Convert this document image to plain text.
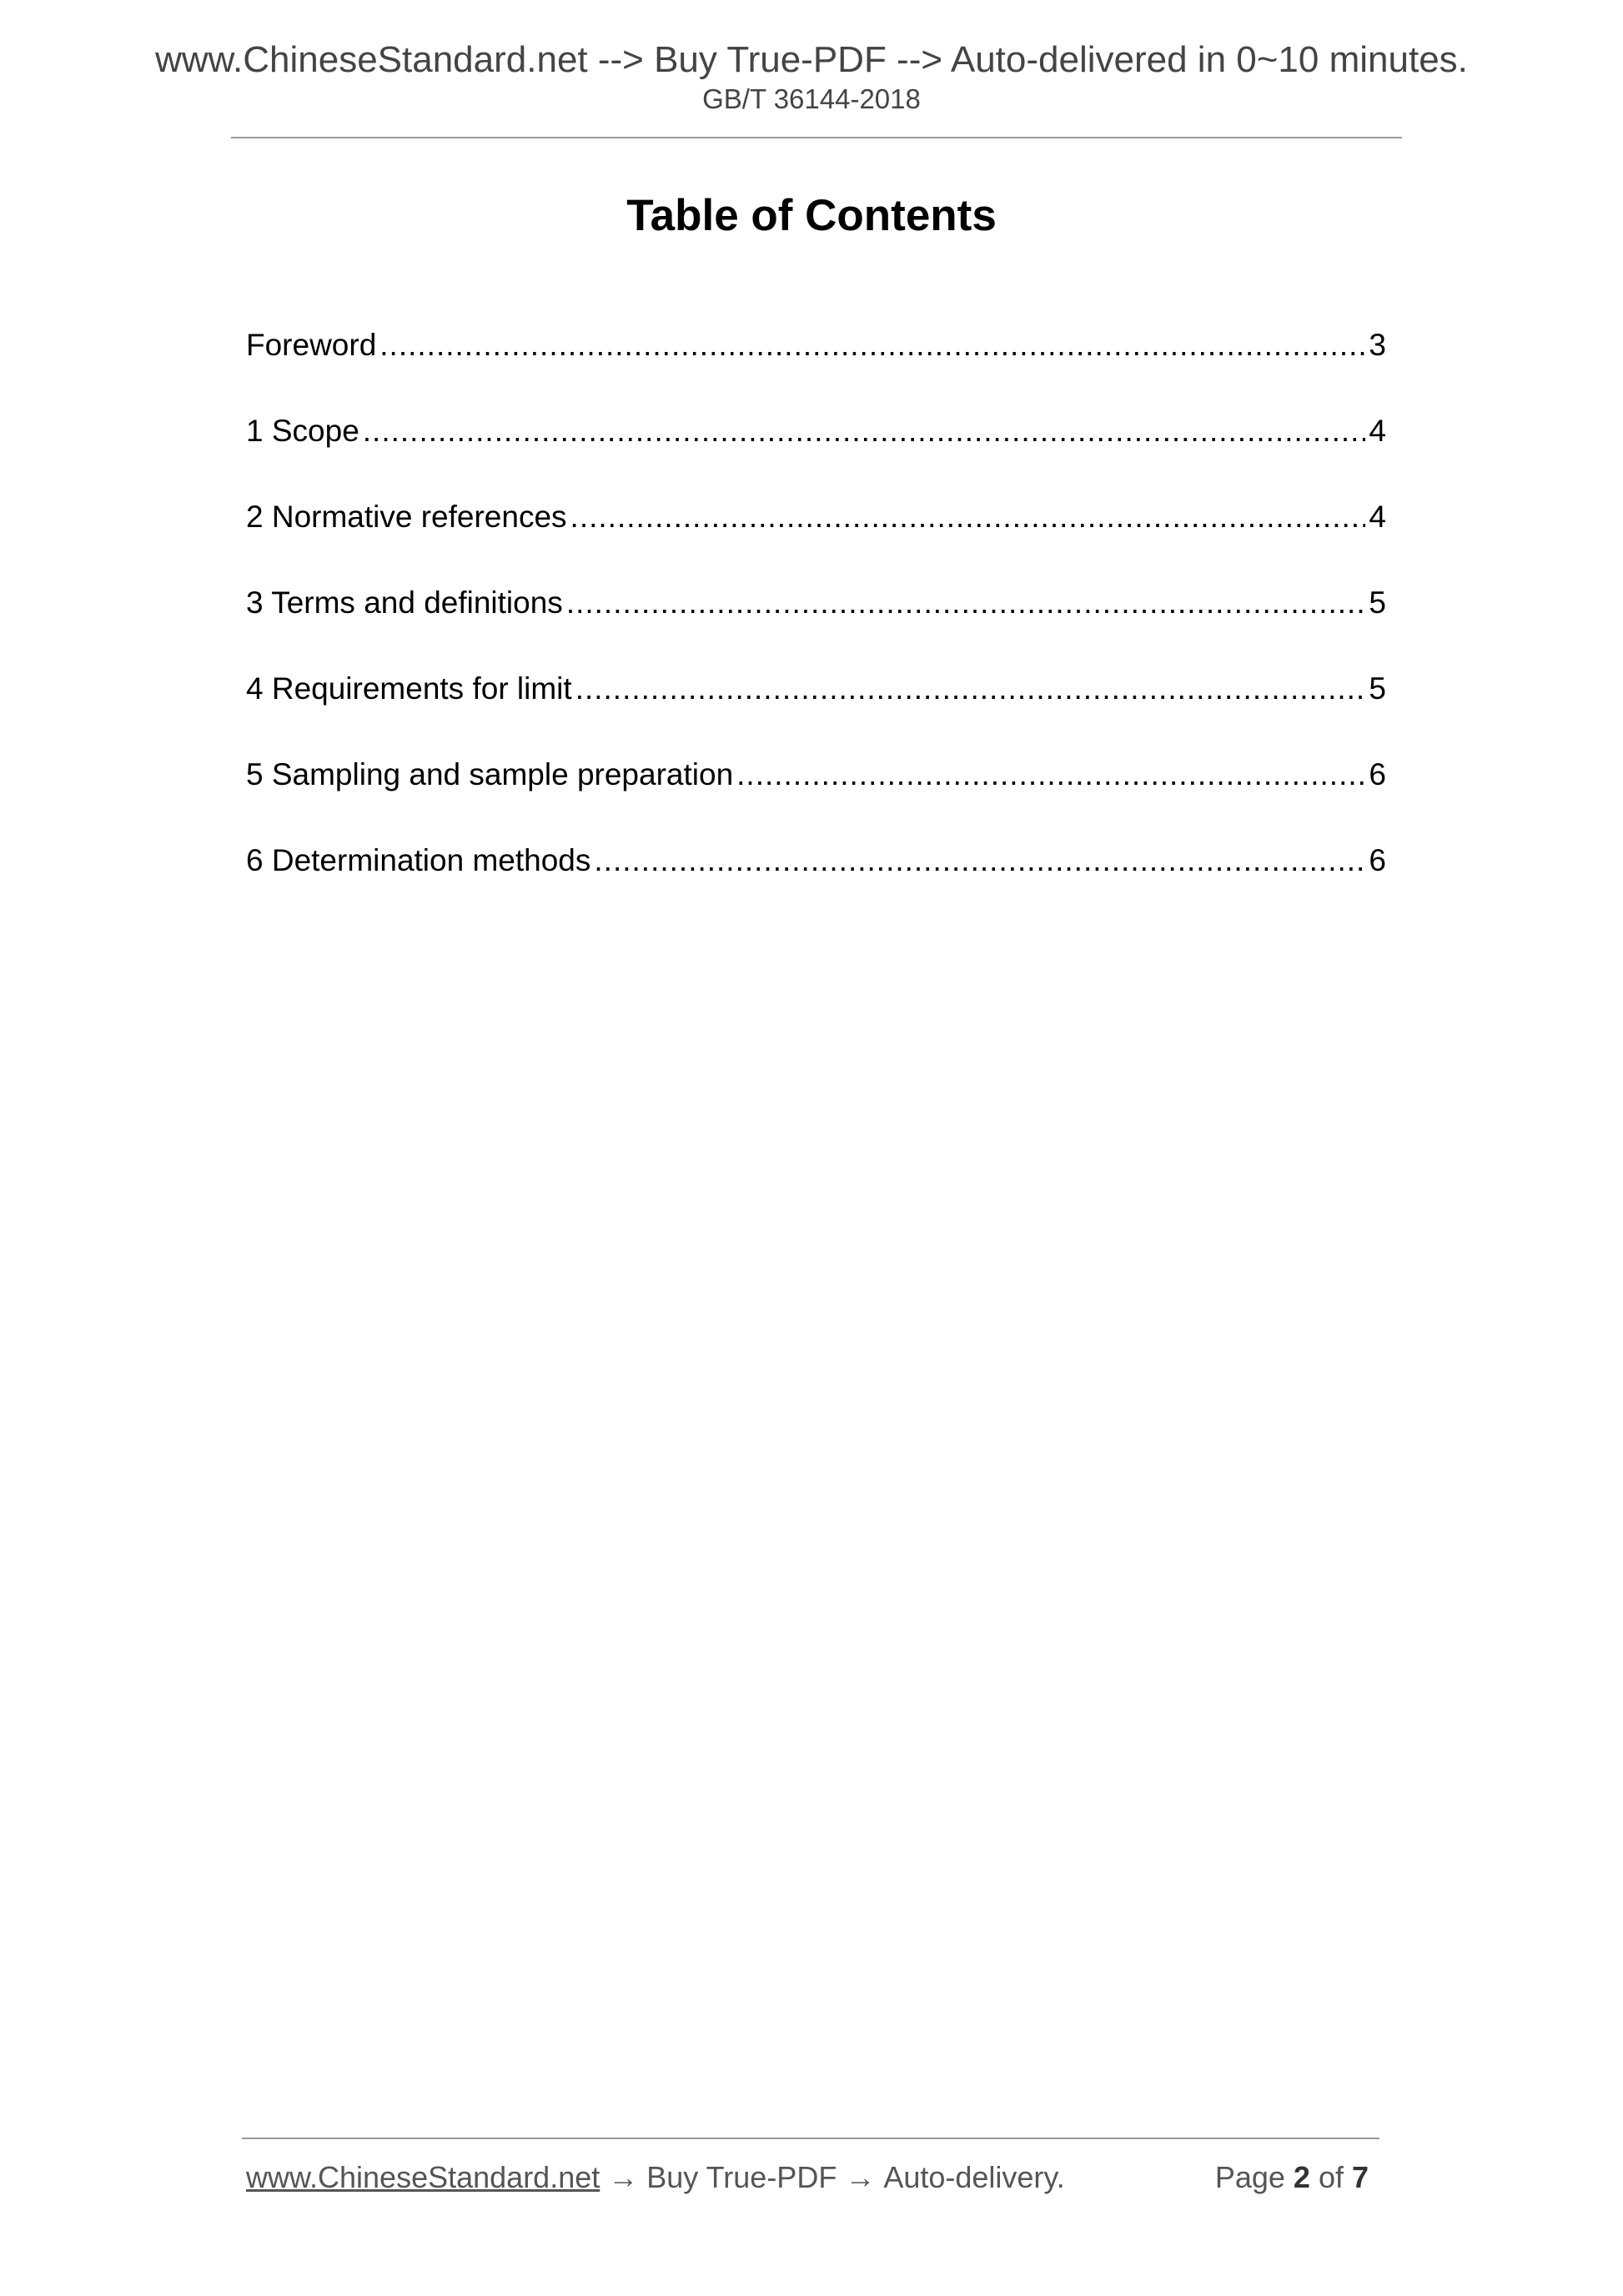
www.ChineseStandard.net --> Buy True-PDF --> Auto-delivered in 0~10 minutes.
GB/T 36144-2018
Table of Contents
Foreword .....	3
1 Scope .....	4
2 Normative references .....	4
3 Terms and definitions .....	5
4 Requirements for limit .....	5
5 Sampling and sample preparation .....	6
6 Determination methods .....	6
www.ChineseStandard.net → Buy True-PDF → Auto-delivery.	Page 2 of 7
